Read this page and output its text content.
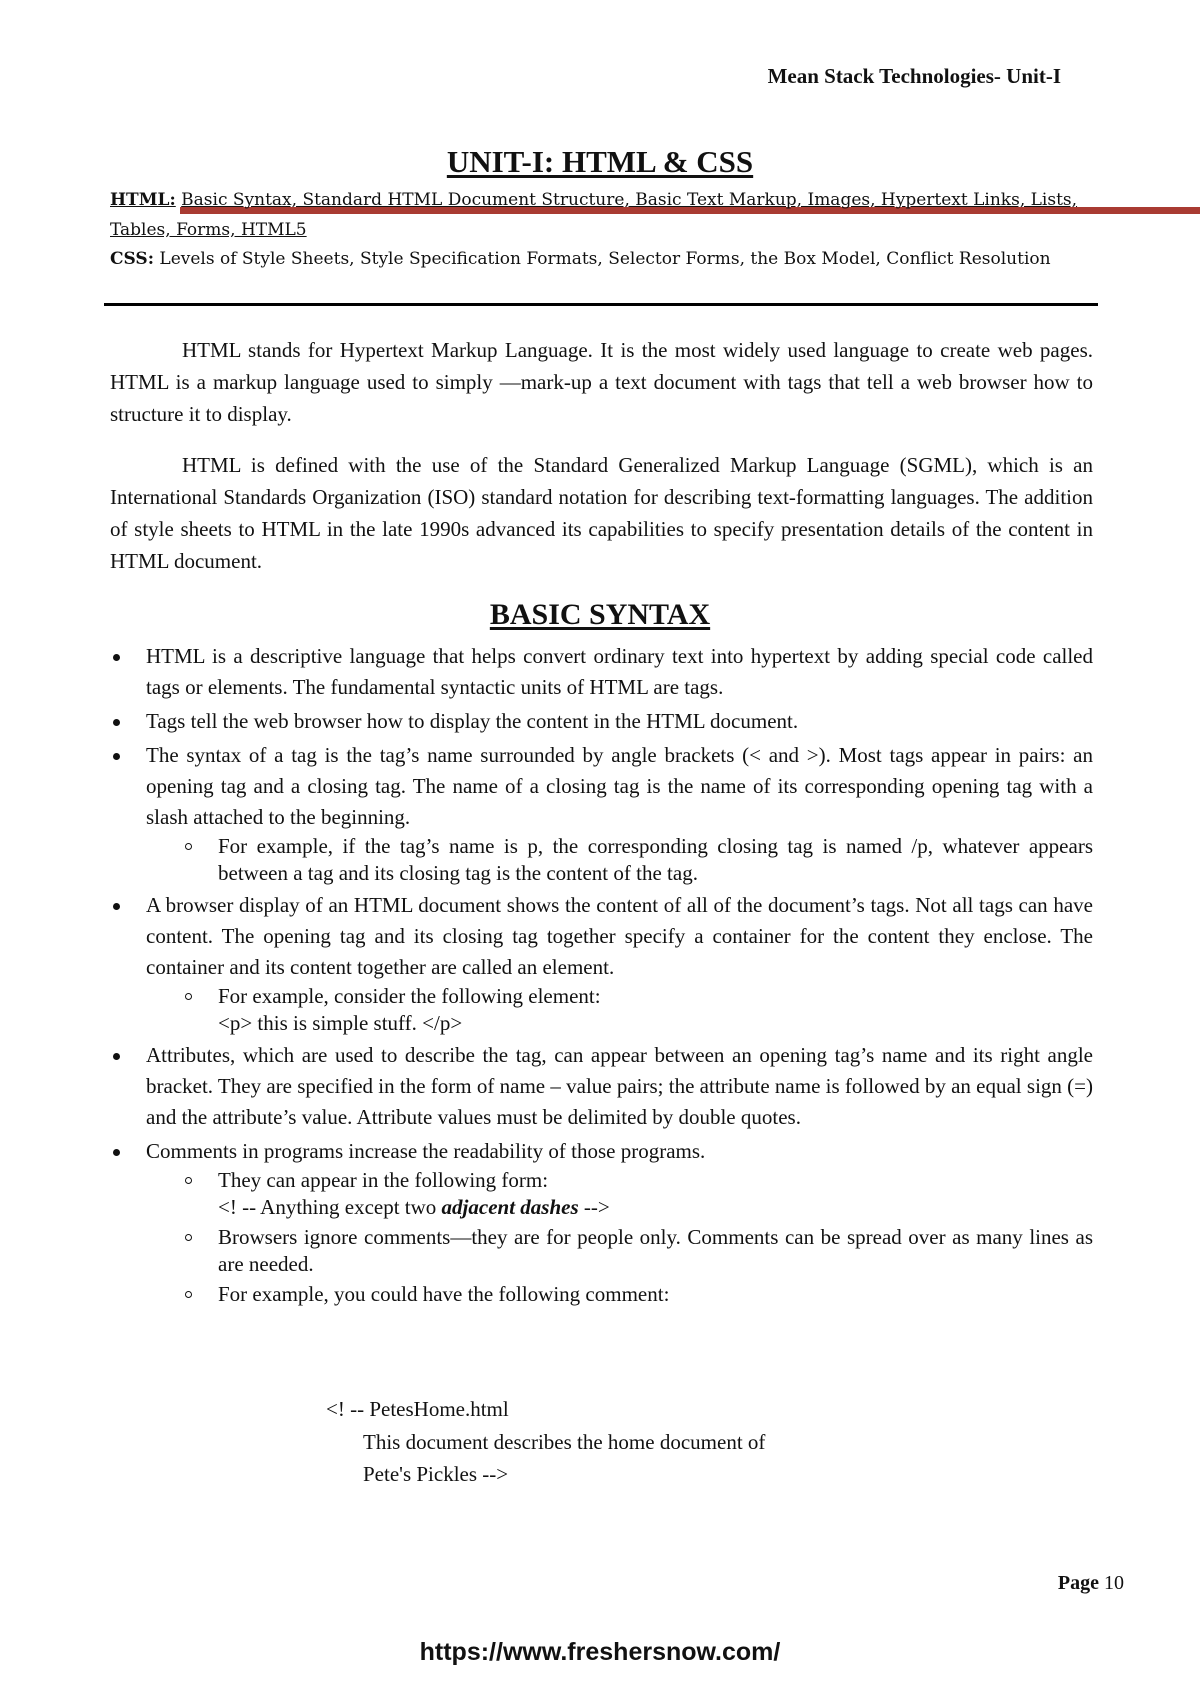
Mean Stack Technologies- Unit-I
UNIT-I: HTML & CSS

HTML: Basic Syntax, Standard HTML Document Structure, Basic Text Markup, Images, Hypertext Links, Lists, Tables, Forms, HTML5

CSS: Levels of Style Sheets, Style Specification Formats, Selector Forms, the Box Model, Conflict Resolution

HTML stands for Hypertext Markup Language. It is the most widely used language to create web pages. HTML is a markup language used to simply ―mark-up a text document with tags that tell a web browser how to structure it to display.

HTML is defined with the use of the Standard Generalized Markup Language (SGML), which is an International Standards Organization (ISO) standard notation for describing text-formatting languages. The addition of style sheets to HTML in the late 1990s advanced its capabilities to specify presentation details of the content in HTML document.

BASIC SYNTAX
HTML is a descriptive language that helps convert ordinary text into hypertext by adding special code called tags or elements. The fundamental syntactic units of HTML are tags.
Tags tell the web browser how to display the content in the HTML document.
The syntax of a tag is the tag’s name surrounded by angle brackets (< and >). Most tags appear in pairs: an opening tag and a closing tag. The name of a closing tag is the name of its corresponding opening tag with a slash attached to the beginning.
For example, if the tag’s name is p, the corresponding closing tag is named /p, whatever appears between a tag and its closing tag is the content of the tag.
A browser display of an HTML document shows the content of all of the document’s tags. Not all tags can have content. The opening tag and its closing tag together specify a container for the content they enclose. The container and its content together are called an element.
For example, consider the following element:
<p> this is simple stuff. </p>
Attributes, which are used to describe the tag, can appear between an opening tag’s name and its right angle bracket. They are specified in the form of name – value pairs; the attribute name is followed by an equal sign (=) and the attribute’s value. Attribute values must be delimited by double quotes.
Comments in programs increase the readability of those programs.
They can appear in the following form:
<! -- Anything except two adjacent dashes -->
Browsers ignore comments—they are for people only. Comments can be spread over as many lines as are needed.
For example, you could have the following comment:
<! -- PetesHome.html
This document describes the home document of
Pete's Pickles -->
Page 10
https://www.freshersnow.com/
